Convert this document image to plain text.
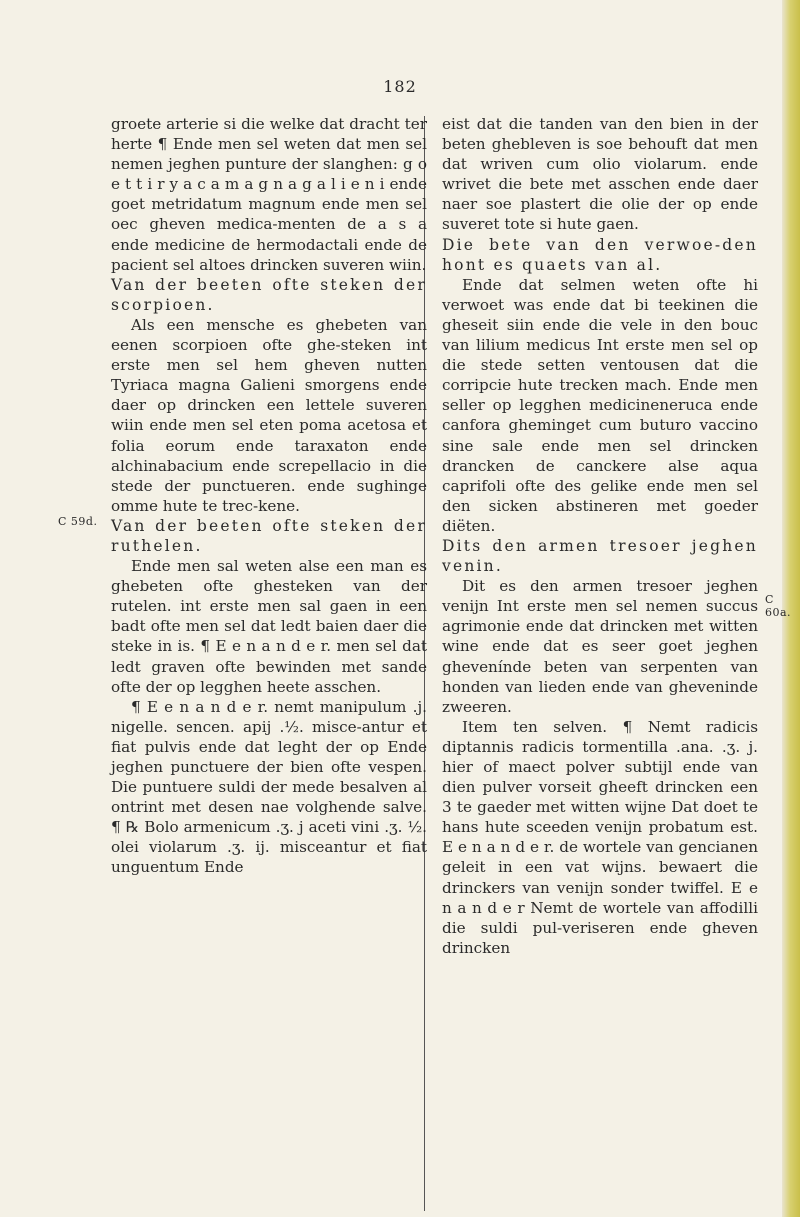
182

groete arterie si die welke dat dracht ter herte ¶ Ende men sel weten dat men sel nemen jeghen punture der slanghen: g o e t t i r y a c a m a g n a g a l i e n i ende goet metridatum magnum ende men sel oec gheven medica-menten de a s a ende medicine de hermodactali ende de pacient sel altoes drincken suveren wiin.

Van der beeten ofte steken der scorpioen.

Als een mensche es ghebeten van eenen scorpioen ofte ghe-steken int erste men sel hem gheven nutten Tyriaca magna Galieni smorgens ende daer op drincken een lettele suveren wiin ende men sel eten poma acetosa et folia eorum ende taraxaton ende alchinabacium ende screpellacio in die stede der punctueren. ende sughinge omme hute te trec-kene.

Van der beeten ofte steken der ruthelen.

Ende men sal weten alse een man es ghebeten ofte ghesteken van der rutelen. int erste men sal gaen in een badt ofte men sel dat ledt baien daer die steke in is. ¶ E e n a n d e r. men sel dat ledt graven ofte bewinden met sande ofte der op legghen heete asschen.

¶ E e n a n d e r. nemt manipulum .j. nigelle. sencen. apij .½. misce-antur et fiat pulvis ende dat leght der op Ende jeghen punctuere der bien ofte vespen. Die puntuere suldi der mede besalven al ontrint met desen nae volghende salve. ¶ ℞ Bolo armenicum .ʒ. j aceti vini .ʒ. ½. olei violarum .ʒ. ij. misceantur et fiat unguentum Ende

eist dat die tanden van den bien in der beten ghebleven is soe behouft dat men dat wriven cum olio violarum. ende wrivet die bete met asschen ende daer naer soe plastert die olie der op ende suveret tote si hute gaen.

Die bete van den verwoe-den hont es quaets van al.

Ende dat selmen weten ofte hi verwoet was ende dat bi teekinen die gheseit siin ende die vele in den bouc van lilium medicus Int erste men sel op die stede setten ventousen dat die corripcie hute trecken mach. Ende men seller op legghen medicineneruca ende canfora gheminget cum buturo vaccino sine sale ende men sel drincken drancken de canckere alse aqua caprifoli ofte des gelike ende men sel den sicken abstineren met goeder diëten.

Dits den armen tresoer jeghen venin.

Dit es den armen tresoer jeghen venijn Int erste men sel nemen succus agrimonie ende dat drincken met witten wine ende dat es seer goet jeghen ghevenínde beten van serpenten van honden van lieden ende van gheveninde zweeren.

Item ten selven. ¶ Nemt radicis diptannis radicis tormentilla .ana. .ʒ. j. hier of maect polver subtijl ende van dien pulver vorseit gheeft drincken een 3 te gaeder met witten wijne Dat doet te hans hute sceeden venijn probatum est. E e n a n d e r. de wortele van gencianen geleit in een vat wijns. bewaert die drinckers van venijn sonder twiffel. E e n a n d e r Nemt de wortele van affodilli die suldi pul-veriseren ende gheven drincken

C 59d.
C 60a.
